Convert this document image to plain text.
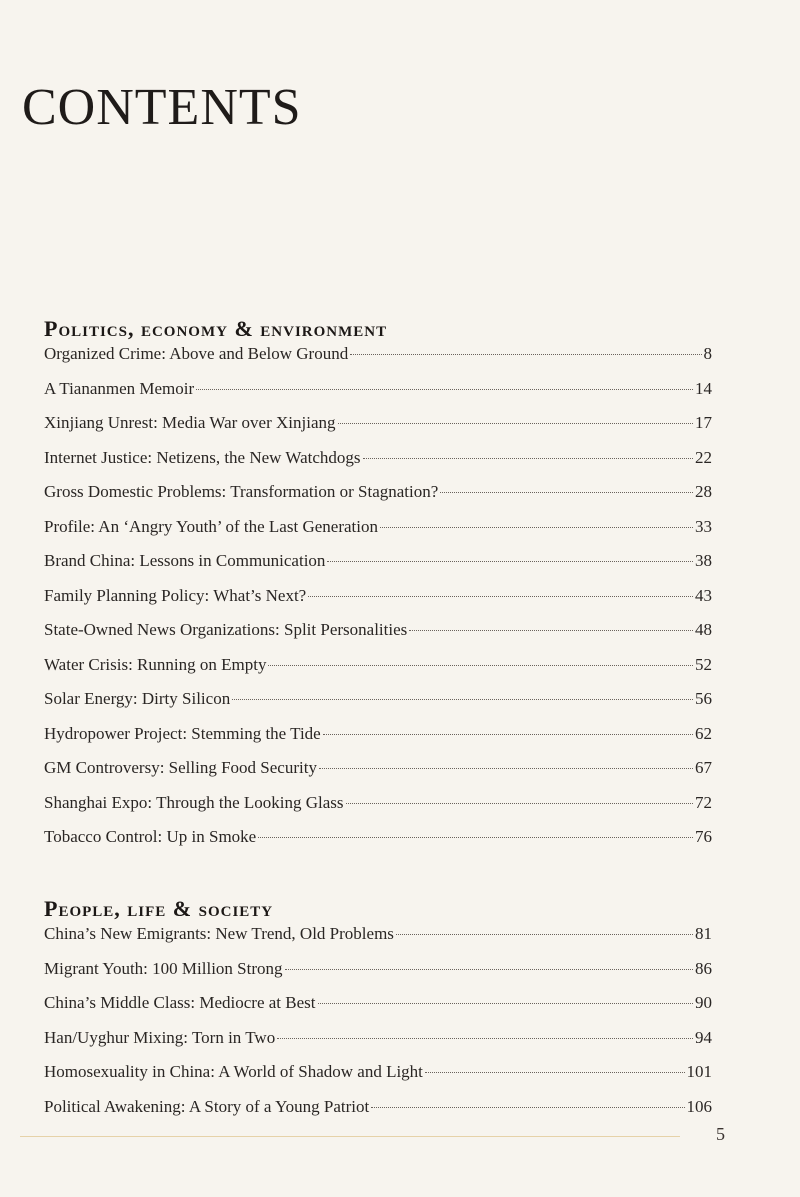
CONTENTS
Politics, economy & environment
Organized Crime: Above and Below Ground	8
A Tiananmen Memoir	14
Xinjiang Unrest: Media War over Xinjiang	17
Internet Justice: Netizens, the New Watchdogs	22
Gross Domestic Problems: Transformation or Stagnation?	28
Profile: An ‘Angry Youth’ of the Last Generation	33
Brand China: Lessons in Communication	38
Family Planning Policy: What’s Next?	43
State-Owned News Organizations: Split Personalities	48
Water Crisis: Running on Empty	52
Solar Energy: Dirty Silicon	56
Hydropower Project: Stemming the Tide	62
GM Controversy: Selling Food Security	67
Shanghai Expo: Through the Looking Glass	72
Tobacco Control: Up in Smoke	76
People, life & society
China’s New Emigrants: New Trend, Old Problems	81
Migrant Youth: 100 Million Strong	86
China’s Middle Class: Mediocre at Best	90
Han/Uyghur Mixing: Torn in Two	94
Homosexuality in China: A World of Shadow and Light	101
Political Awakening: A Story of a Young Patriot	106
5
